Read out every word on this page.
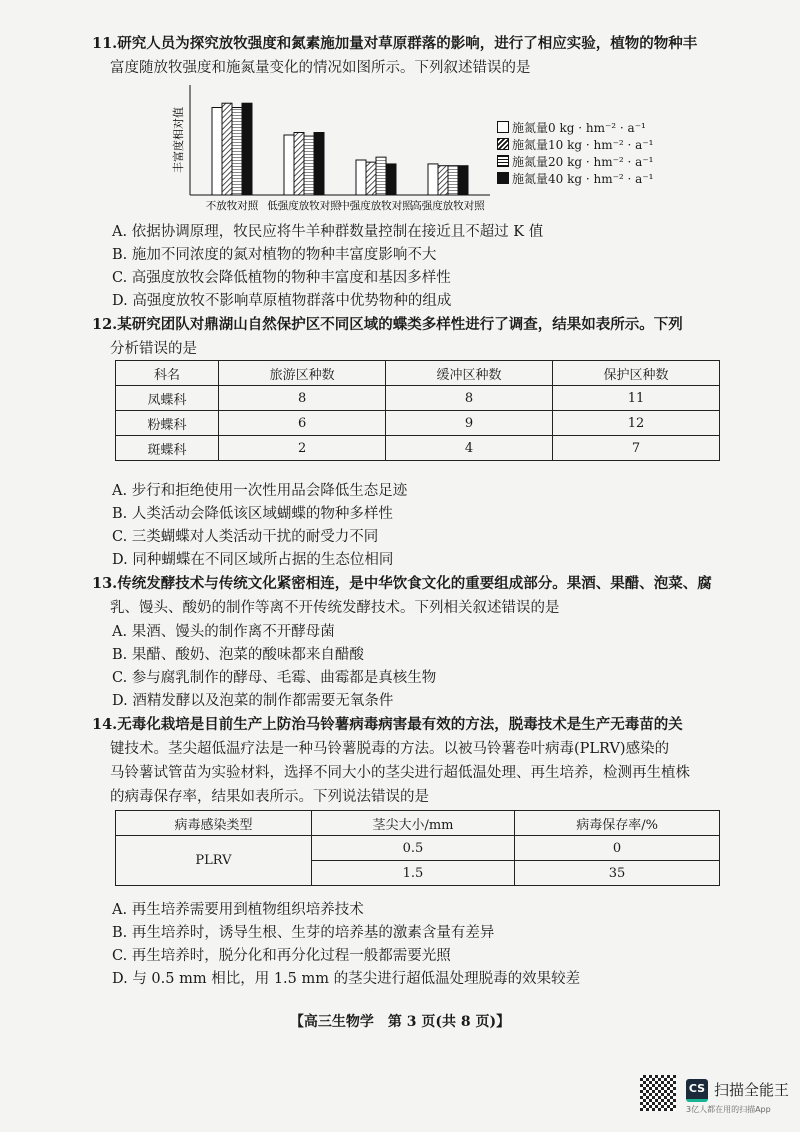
11.研究人员为探究放牧强度和氮素施加量对草原群落的影响，进行了相应实验，植物的物种丰
富度随放牧强度和施氮量变化的情况如图所示。下列叙述错误的是
丰富度相对值
不放牧对照 低强度放牧对照
中强度放牧对照
高强度放牧对照
施氮量0 kg · hm⁻² · a⁻¹
施氮量10 kg · hm⁻² · a⁻¹
施氮量20 kg · hm⁻² · a⁻¹
施氮量40 kg · hm⁻² · a⁻¹
A. 依据协调原理，牧民应将牛羊种群数量控制在接近且不超过 K 值
B. 施加不同浓度的氮对植物的物种丰富度影响不大
C. 高强度放牧会降低植物的物种丰富度和基因多样性
D. 高强度放牧不影响草原植物群落中优势物种的组成
12.某研究团队对鼎湖山自然保护区不同区域的蝶类多样性进行了调查，结果如表所示。下列
分析错误的是
科名	旅游区种数	缓冲区种数	保护区种数
凤蝶科	8	8	11
粉蝶科	6	9	12
斑蝶科	2	4	7
A. 步行和拒绝使用一次性用品会降低生态足迹
B. 人类活动会降低该区域蝴蝶的物种多样性
C. 三类蝴蝶对人类活动干扰的耐受力不同
D. 同种蝴蝶在不同区域所占据的生态位相同
13.传统发酵技术与传统文化紧密相连，是中华饮食文化的重要组成部分。果酒、果醋、泡菜、腐
乳、馒头、酸奶的制作等离不开传统发酵技术。下列相关叙述错误的是
A. 果酒、馒头的制作离不开酵母菌
B. 果醋、酸奶、泡菜的酸味都来自醋酸
C. 参与腐乳制作的酵母、毛霉、曲霉都是真核生物
D. 酒精发酵以及泡菜的制作都需要无氧条件
14.无毒化栽培是目前生产上防治马铃薯病毒病害最有效的方法，脱毒技术是生产无毒苗的关
键技术。茎尖超低温疗法是一种马铃薯脱毒的方法。以被马铃薯卷叶病毒(PLRV)感染的
马铃薯试管苗为实验材料，选择不同大小的茎尖进行超低温处理、再生培养，检测再生植株
的病毒保存率，结果如表所示。下列说法错误的是
病毒感染类型	茎尖大小/mm	病毒保存率/%
PLRV	0.5	0
	1.5	35
A. 再生培养需要用到植物组织培养技术
B. 再生培养时，诱导生根、生芽的培养基的激素含量有差异
C. 再生培养时，脱分化和再分化过程一般都需要光照
D. 与 0.5 mm 相比，用 1.5 mm 的茎尖进行超低温处理脱毒的效果较差
【高三生物学　第 3 页(共 8 页)】
CS 扫描全能王
3亿人都在用的扫描App
